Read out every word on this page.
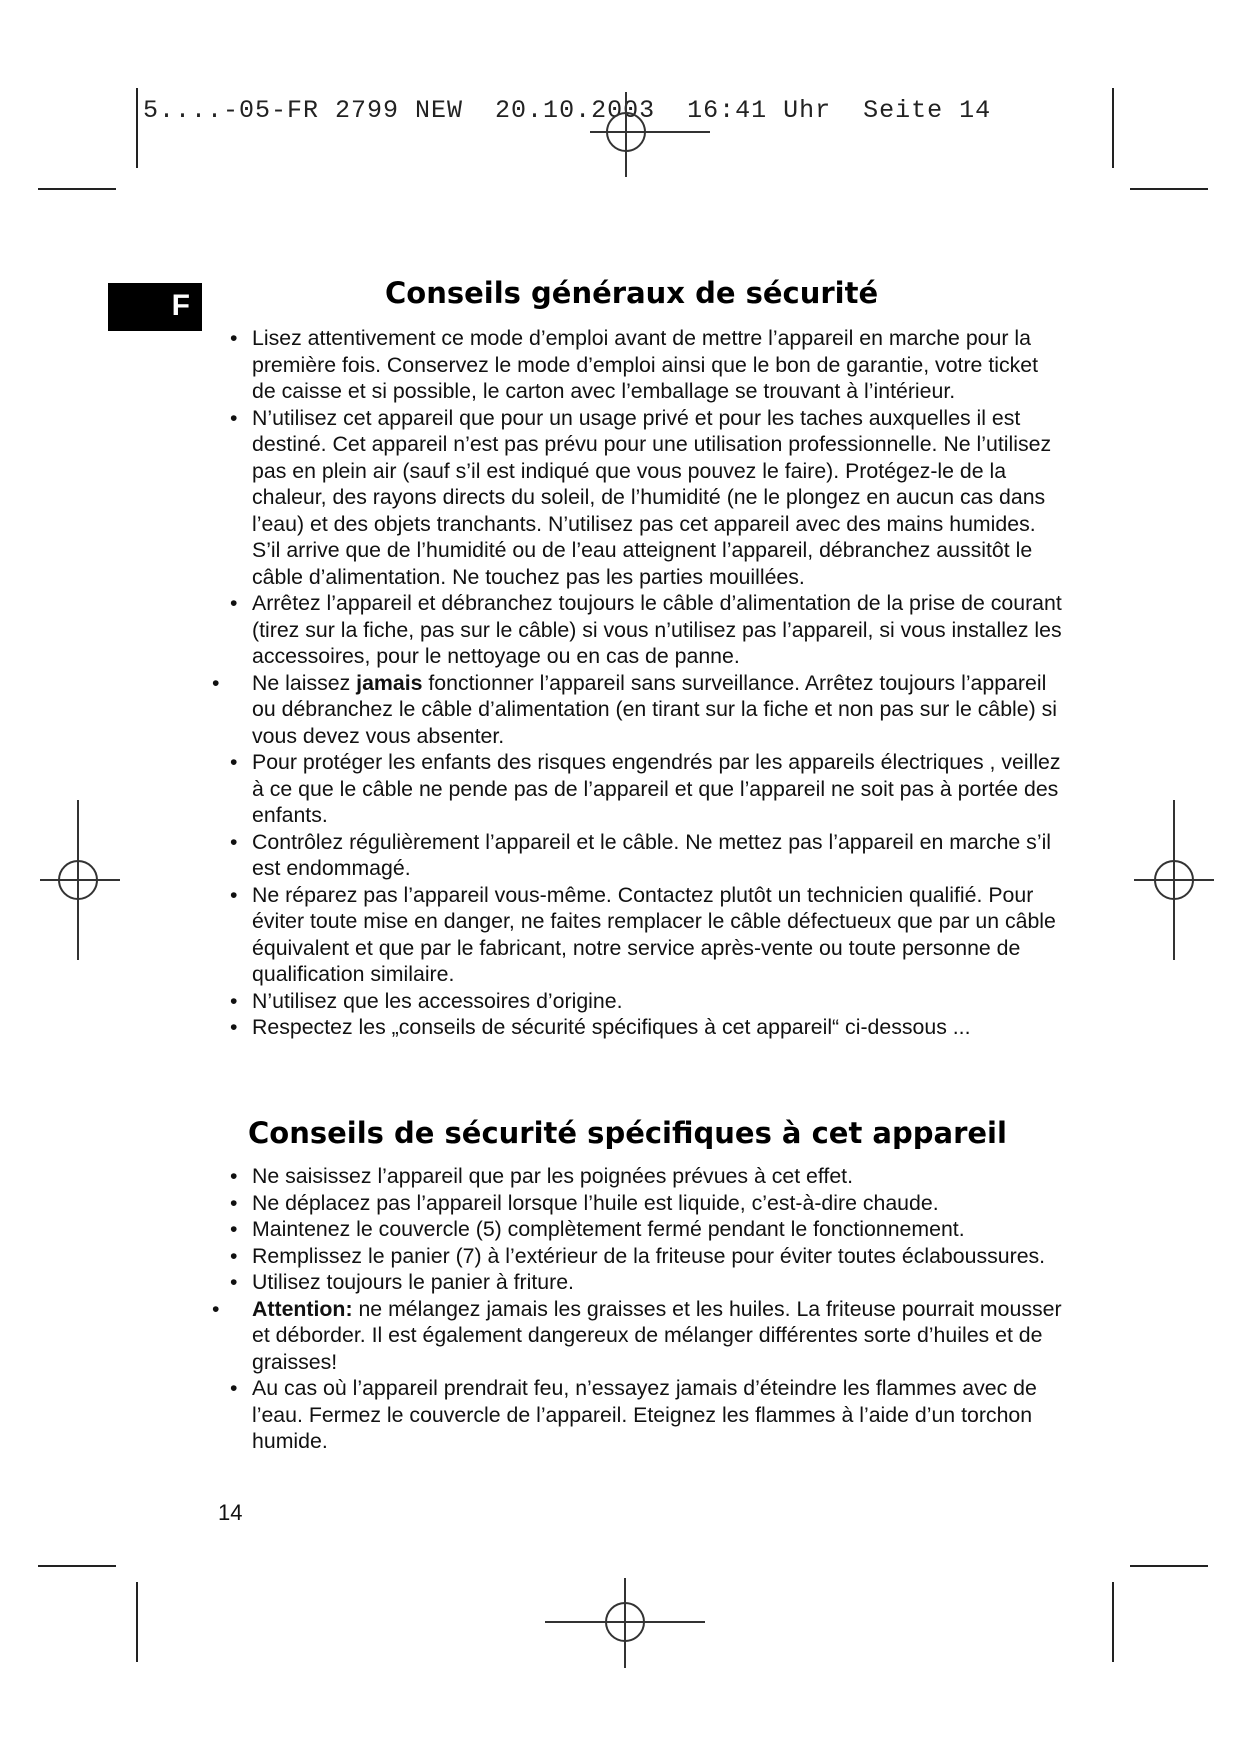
5....-05-FR 2799 NEW  20.10.2003  16:41 Uhr  Seite 14
F	Conseils généraux de sécurité
• Lisez attentivement ce mode d’emploi avant de mettre l’appareil en marche pour la première fois. Conservez le mode d’emploi ainsi que le bon de garantie, votre ticket de caisse et si possible, le carton avec l’emballage se trouvant à l’intérieur.
• N’utilisez cet appareil que pour un usage privé et pour les taches auxquelles il est destiné. Cet appareil n’est pas prévu pour une utilisation professionnelle. Ne l’utilisez pas en plein air (sauf s’il est indiqué que vous pouvez le faire). Protégez-le de la chaleur, des rayons directs du soleil, de l’humidité (ne le plongez en aucun cas dans l’eau) et des objets tranchants. N’utilisez pas cet appareil avec des mains humides. S’il arrive que de l’humidité ou de l’eau atteignent l’appareil, débranchez aussitôt le câble d’alimentation. Ne touchez pas les parties mouillées.
• Arrêtez l’appareil et débranchez toujours le câble d’alimentation de la prise de courant (tirez sur la fiche, pas sur le câble) si vous n’utilisez pas l’appareil, si vous installez les accessoires, pour le nettoyage ou en cas de panne.
• Ne laissez jamais fonctionner l’appareil sans surveillance. Arrêtez toujours l’appareil ou débranchez le câble d’alimentation (en tirant sur la fiche et non pas sur le câble) si vous devez vous absenter.
• Pour protéger les enfants des risques engendrés par les appareils électriques , veillez à ce que le câble ne pende pas de l’appareil et que l’appareil ne soit pas à portée des enfants.
• Contrôlez régulièrement l’appareil et le câble. Ne mettez pas l’appareil en marche s’il est endommagé.
• Ne réparez pas l’appareil vous-même. Contactez plutôt un technicien qualifié. Pour éviter toute mise en danger, ne faites remplacer le câble défectueux que par un câble équivalent et que par le fabricant, notre service après-vente ou toute personne de qualification similaire.
• N’utilisez que les accessoires d’origine.
• Respectez les „conseils de sécurité spécifiques à cet appareil“ ci-dessous ...
Conseils de sécurité spécifiques à cet appareil
• Ne saisissez l’appareil que par les poignées prévues à cet effet.
• Ne déplacez pas l’appareil lorsque l’huile est liquide, c’est-à-dire chaude.
• Maintenez le couvercle (5) complètement fermé pendant le fonctionnement.
• Remplissez le panier (7) à l’extérieur de la friteuse pour éviter toutes éclaboussures.
• Utilisez toujours le panier à friture.
• Attention: ne mélangez jamais les graisses et les huiles. La friteuse pourrait mousser et déborder. Il est également dangereux de mélanger différentes sorte d’huiles et de graisses!
• Au cas où l’appareil prendrait feu, n’essayez jamais d’éteindre les flammes avec de l’eau. Fermez le couvercle de l’appareil. Eteignez les flammes à l’aide d’un torchon humide.
14
